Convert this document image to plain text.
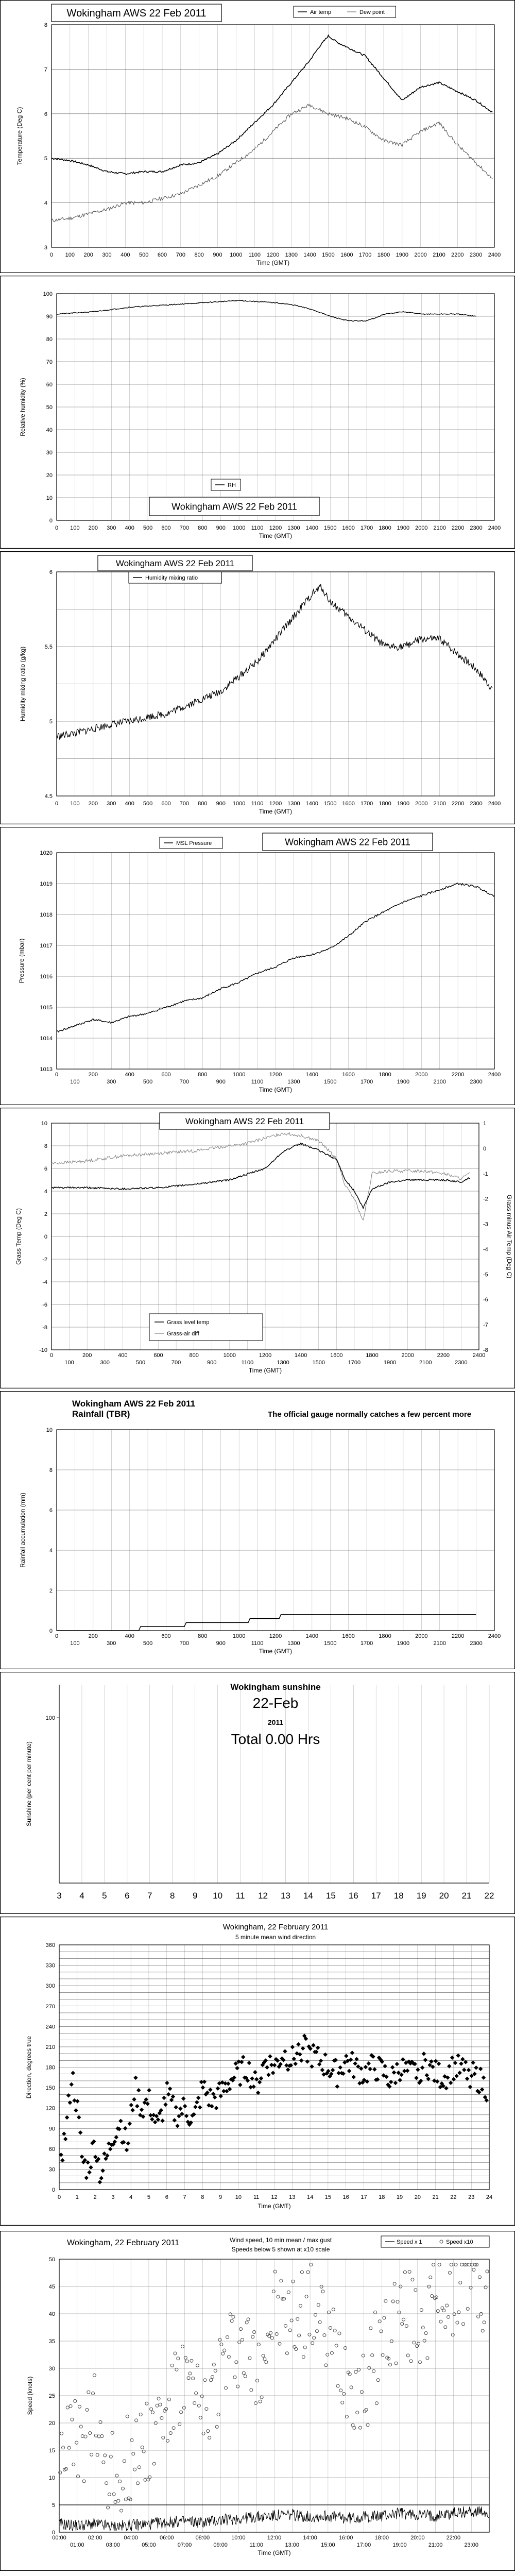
3
4
5
6
7
8
0 100 200 300 400 500 600 700 800 900 1000 1100 1200 1300 1400 1500 1600 1700 1800 1900 2000 2100 2200 2300 2400
Time (GMT)
Temperature (Deg C)
Wokingham AWS 22 Feb 2011	Air temp	Dew point
0
10
20
30
40
50
60
70
80
90
100
0 100 200 300 400 500 600 700 800 900 1000 1100 1200 1300 1400 1500 1600 1700 1800 1900 2000 2100 2200 2300 2400
Time (GMT)
Relative humidity (%)
RH
Wokingham AWS 22 Feb 2011
4.5
5
5.5
6
0 100 200 300 400 500 600 700 800 900 1000 1100 1200 1300 1400 1500 1600 1700 1800 1900 2000 2100 2200 2300 2400
Time (GMT)
Humidity mixing ratio (g/kg)
Wokingham AWS 22 Feb 2011
Humidity mixing ratio
1013
1014
1015
1016
1017
1018
1019
1020
0	200	400	600	800	1000	1200	1400	1600	1800	2000	2200	2400
100	300	500	700	900	1100	1300	1500	1700	1900	2100	2300
Time (GMT)
Pressure (mbar)
MSL Pressure	Wokingham AWS 22 Feb 2011
-10
-8
-6
-4
-2
0
2
4
6
8
10
-8
-7
-6
-5
-4
-3
-2
-1
0
1
0	200	400	600	800	1000	1200	1400	1600	1800	2000	2200	2400
100	300	500	700	900	1100	1300	1500	1700	1900	2100	2300
Time (GMT)
Grass Temp (Deg C)	Grass minus Air Temp (Deg C)
Wokingham AWS 22 Feb 2011
Grass level temp
Grass-air diff
0
2
4
6
8
10
0	200	400	600	800	1000	1200	1400	1600	1800	2000	2200	2400
100	300	500	700	900	1100	1300	1500	1700	1900	2100	2300
Time (GMT)
Rainfall accumulation (mm)
Wokingham AWS 22 Feb 2011
Rainfall (TBR)	The official gauge normally catches a few percent more
100
3 4 5 6 7 8 9 10 11 12 13 14 15 16 17 18 19 20 21 22
Sunshine (per cent per minute)
Wokingham sunshine
22-Feb
2011
Total 0.00 Hrs
0
30
60
90
120
150
180
210
240
270
300
330
360
0	1	2	3	4	5	6	7	8	9 10 11 12 13 14 15 16 17 18 19 20 21 22 23 24
Time (GMT)
Direction, degrees true
Wokingham, 22 February 2011
5 minute mean wind direction
0
5
10
15
20
25
30
35
40
45
50
00:00	02:00	04:00	06:00	08:00	10:00	12:00	14:00	16:00	18:00	20:00	22:00
01:00	03:00	05:00	07:00	09:00	11:00	13:00	15:00	17:00	19:00	21:00	23:00
Time (GMT)
Speed (knots)
Wokingham, 22 February 2011	Wind speed, 10 min mean / max gust
Speeds below 5 shown at x10 scale
Speed x 1	Speed x10
